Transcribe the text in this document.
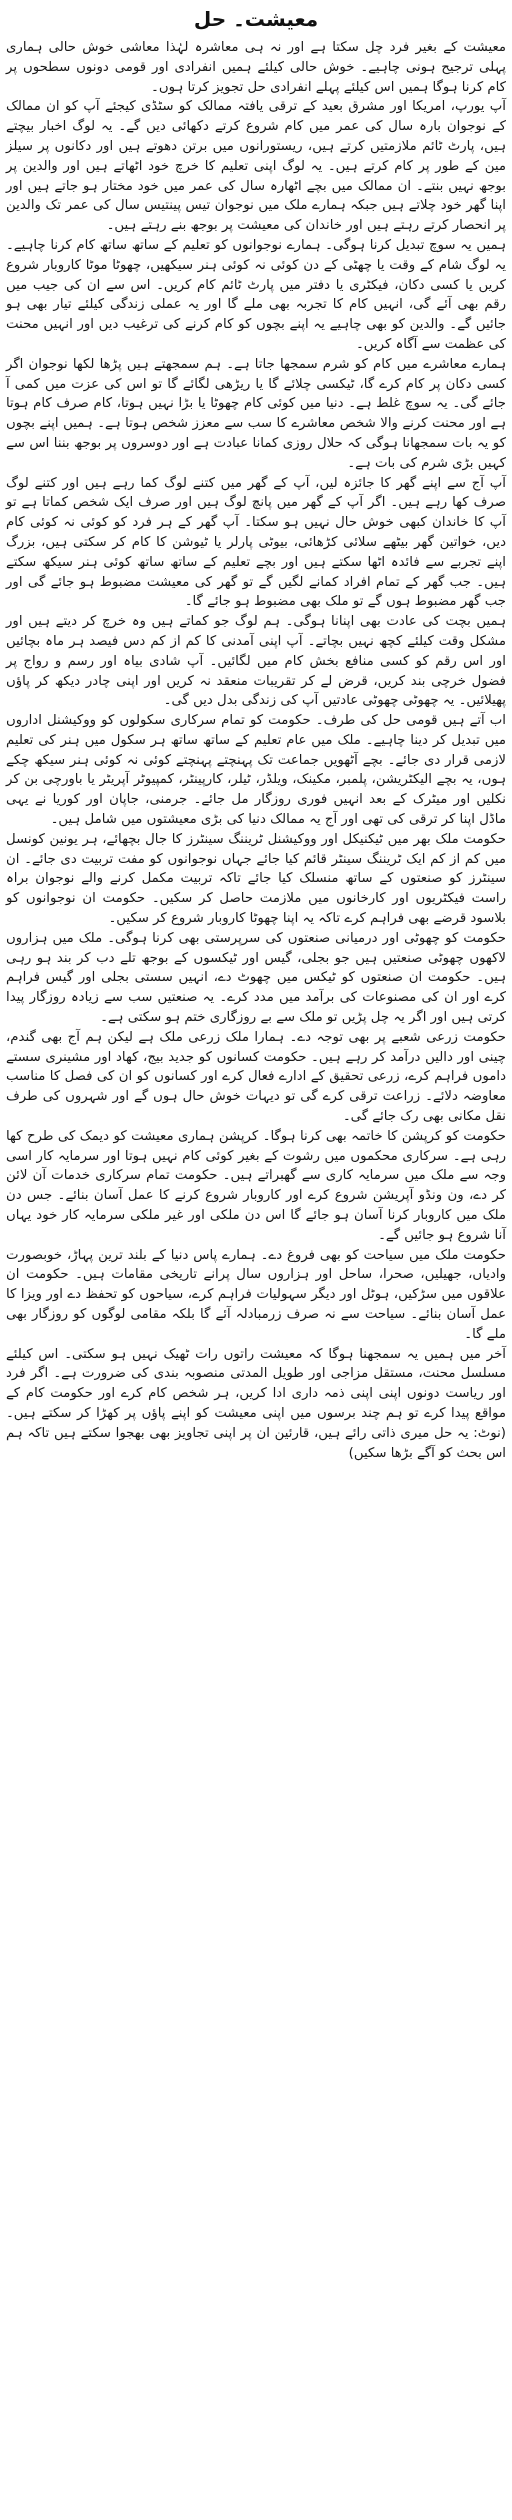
معیشت۔ حل

معیشت کے بغیر فرد چل سکتا ہے اور نہ ہی معاشرہ لہٰذا معاشی خوش حالی ہماری پہلی ترجیح ہونی چاہیے۔ خوش حالی کیلئے ہمیں انفرادی اور قومی دونوں سطحوں پر کام کرنا ہوگا ہمیں اس کیلئے پہلے انفرادی حل تجویز کرتا ہوں۔

آپ یورپ، امریکا اور مشرق بعید کے ترقی یافتہ ممالک کو سٹڈی کیجئے آپ کو ان ممالک کے نوجوان بارہ سال کی عمر میں کام شروع کرتے دکھائی دیں گے۔ یہ لوگ اخبار بیچتے ہیں، پارٹ ٹائم ملازمتیں کرتے ہیں، ریستورانوں میں برتن دھوتے ہیں اور دکانوں پر سیلز مین کے طور پر کام کرتے ہیں۔ یہ لوگ اپنی تعلیم کا خرچ خود اٹھاتے ہیں اور والدین پر بوجھ نہیں بنتے۔ ان ممالک میں بچے اٹھارہ سال کی عمر میں خود مختار ہو جاتے ہیں اور اپنا گھر خود چلاتے ہیں جبکہ ہمارے ملک میں نوجوان تیس پینتیس سال کی عمر تک والدین پر انحصار کرتے رہتے ہیں اور خاندان کی معیشت پر بوجھ بنے رہتے ہیں۔

ہمیں یہ سوچ تبدیل کرنا ہوگی۔ ہمارے نوجوانوں کو تعلیم کے ساتھ ساتھ کام کرنا چاہیے۔ یہ لوگ شام کے وقت یا چھٹی کے دن کوئی نہ کوئی ہنر سیکھیں، چھوٹا موٹا کاروبار شروع کریں یا کسی دکان، فیکٹری یا دفتر میں پارٹ ٹائم کام کریں۔ اس سے ان کی جیب میں رقم بھی آئے گی، انہیں کام کا تجربہ بھی ملے گا اور یہ عملی زندگی کیلئے تیار بھی ہو جائیں گے۔ والدین کو بھی چاہیے یہ اپنے بچوں کو کام کرنے کی ترغیب دیں اور انہیں محنت کی عظمت سے آگاہ کریں۔

ہمارے معاشرے میں کام کو شرم سمجھا جاتا ہے۔ ہم سمجھتے ہیں پڑھا لکھا نوجوان اگر کسی دکان پر کام کرے گا، ٹیکسی چلائے گا یا ریڑھی لگائے گا تو اس کی عزت میں کمی آ جائے گی۔ یہ سوچ غلط ہے۔ دنیا میں کوئی کام چھوٹا یا بڑا نہیں ہوتا، کام صرف کام ہوتا ہے اور محنت کرنے والا شخص معاشرے کا سب سے معزز شخص ہوتا ہے۔ ہمیں اپنے بچوں کو یہ بات سمجھانا ہوگی کہ حلال روزی کمانا عبادت ہے اور دوسروں پر بوجھ بننا اس سے کہیں بڑی شرم کی بات ہے۔

آپ آج سے اپنے گھر کا جائزہ لیں، آپ کے گھر میں کتنے لوگ کما رہے ہیں اور کتنے لوگ صرف کھا رہے ہیں۔ اگر آپ کے گھر میں پانچ لوگ ہیں اور صرف ایک شخص کماتا ہے تو آپ کا خاندان کبھی خوش حال نہیں ہو سکتا۔ آپ گھر کے ہر فرد کو کوئی نہ کوئی کام دیں، خواتین گھر بیٹھے سلائی کڑھائی، بیوٹی پارلر یا ٹیوشن کا کام کر سکتی ہیں، بزرگ اپنے تجربے سے فائدہ اٹھا سکتے ہیں اور بچے تعلیم کے ساتھ ساتھ کوئی ہنر سیکھ سکتے ہیں۔ جب گھر کے تمام افراد کمانے لگیں گے تو گھر کی معیشت مضبوط ہو جائے گی اور جب گھر مضبوط ہوں گے تو ملک بھی مضبوط ہو جائے گا۔

ہمیں بچت کی عادت بھی اپنانا ہوگی۔ ہم لوگ جو کماتے ہیں وہ خرچ کر دیتے ہیں اور مشکل وقت کیلئے کچھ نہیں بچاتے۔ آپ اپنی آمدنی کا کم از کم دس فیصد ہر ماہ بچائیں اور اس رقم کو کسی منافع بخش کام میں لگائیں۔ آپ شادی بیاہ اور رسم و رواج پر فضول خرچی بند کریں، قرض لے کر تقریبات منعقد نہ کریں اور اپنی چادر دیکھ کر پاؤں پھیلائیں۔ یہ چھوٹی چھوٹی عادتیں آپ کی زندگی بدل دیں گی۔

اب آتے ہیں قومی حل کی طرف۔ حکومت کو تمام سرکاری سکولوں کو ووکیشنل اداروں میں تبدیل کر دینا چاہیے۔ ملک میں عام تعلیم کے ساتھ ساتھ ہر سکول میں ہنر کی تعلیم لازمی قرار دی جائے۔ بچے آٹھویں جماعت تک پہنچتے پہنچتے کوئی نہ کوئی ہنر سیکھ چکے ہوں، یہ بچے الیکٹریشن، پلمبر، مکینک، ویلڈر، ٹیلر، کارپینٹر، کمپیوٹر آپریٹر یا باورچی بن کر نکلیں اور میٹرک کے بعد انہیں فوری روزگار مل جائے۔ جرمنی، جاپان اور کوریا نے یہی ماڈل اپنا کر ترقی کی تھی اور آج یہ ممالک دنیا کی بڑی معیشتوں میں شامل ہیں۔

حکومت ملک بھر میں ٹیکنیکل اور ووکیشنل ٹریننگ سینٹرز کا جال بچھائے، ہر یونین کونسل میں کم از کم ایک ٹریننگ سینٹر قائم کیا جائے جہاں نوجوانوں کو مفت تربیت دی جائے۔ ان سینٹرز کو صنعتوں کے ساتھ منسلک کیا جائے تاکہ تربیت مکمل کرنے والے نوجوان براہ راست فیکٹریوں اور کارخانوں میں ملازمت حاصل کر سکیں۔ حکومت ان نوجوانوں کو بلاسود قرضے بھی فراہم کرے تاکہ یہ اپنا چھوٹا کاروبار شروع کر سکیں۔

حکومت کو چھوٹی اور درمیانی صنعتوں کی سرپرستی بھی کرنا ہوگی۔ ملک میں ہزاروں لاکھوں چھوٹی صنعتیں ہیں جو بجلی، گیس اور ٹیکسوں کے بوجھ تلے دب کر بند ہو رہی ہیں۔ حکومت ان صنعتوں کو ٹیکس میں چھوٹ دے، انہیں سستی بجلی اور گیس فراہم کرے اور ان کی مصنوعات کی برآمد میں مدد کرے۔ یہ صنعتیں سب سے زیادہ روزگار پیدا کرتی ہیں اور اگر یہ چل پڑیں تو ملک سے بے روزگاری ختم ہو سکتی ہے۔

حکومت زرعی شعبے پر بھی توجہ دے۔ ہمارا ملک زرعی ملک ہے لیکن ہم آج بھی گندم، چینی اور دالیں درآمد کر رہے ہیں۔ حکومت کسانوں کو جدید بیج، کھاد اور مشینری سستے داموں فراہم کرے، زرعی تحقیق کے ادارے فعال کرے اور کسانوں کو ان کی فصل کا مناسب معاوضہ دلائے۔ زراعت ترقی کرے گی تو دیہات خوش حال ہوں گے اور شہروں کی طرف نقل مکانی بھی رک جائے گی۔

حکومت کو کرپشن کا خاتمہ بھی کرنا ہوگا۔ کرپشن ہماری معیشت کو دیمک کی طرح کھا رہی ہے۔ سرکاری محکموں میں رشوت کے بغیر کوئی کام نہیں ہوتا اور سرمایہ کار اسی وجہ سے ملک میں سرمایہ کاری سے گھبراتے ہیں۔ حکومت تمام سرکاری خدمات آن لائن کر دے، ون ونڈو آپریشن شروع کرے اور کاروبار شروع کرنے کا عمل آسان بنائے۔ جس دن ملک میں کاروبار کرنا آسان ہو جائے گا اس دن ملکی اور غیر ملکی سرمایہ کار خود یہاں آنا شروع ہو جائیں گے۔

حکومت ملک میں سیاحت کو بھی فروغ دے۔ ہمارے پاس دنیا کے بلند ترین پہاڑ، خوبصورت وادیاں، جھیلیں، صحرا، ساحل اور ہزاروں سال پرانے تاریخی مقامات ہیں۔ حکومت ان علاقوں میں سڑکیں، ہوٹل اور دیگر سہولیات فراہم کرے، سیاحوں کو تحفظ دے اور ویزا کا عمل آسان بنائے۔ سیاحت سے نہ صرف زرمبادلہ آئے گا بلکہ مقامی لوگوں کو روزگار بھی ملے گا۔

آخر میں ہمیں یہ سمجھنا ہوگا کہ معیشت راتوں رات ٹھیک نہیں ہو سکتی۔ اس کیلئے مسلسل محنت، مستقل مزاجی اور طویل المدتی منصوبہ بندی کی ضرورت ہے۔ اگر فرد اور ریاست دونوں اپنی اپنی ذمہ داری ادا کریں، ہر شخص کام کرے اور حکومت کام کے مواقع پیدا کرے تو ہم چند برسوں میں اپنی معیشت کو اپنے پاؤں پر کھڑا کر سکتے ہیں۔ (نوٹ: یہ حل میری ذاتی رائے ہیں، قارئین ان پر اپنی تجاویز بھی بھجوا سکتے ہیں تاکہ ہم اس بحث کو آگے بڑھا سکیں)
